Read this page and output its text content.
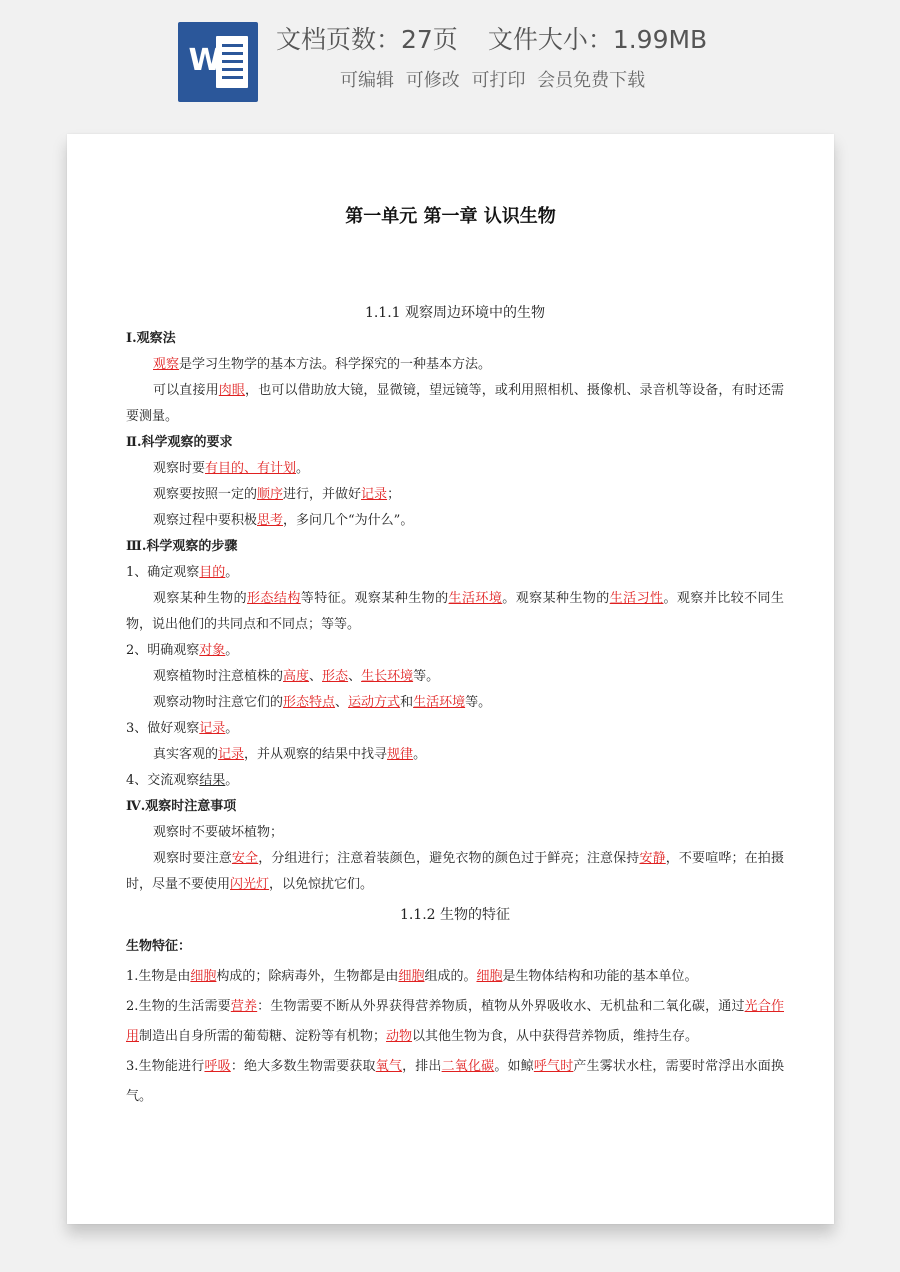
W
文档页数：27页 文件大小：1.99MB
可编辑 可修改 可打印 会员免费下载
第一单元 第一章 认识生物
1.1.1 观察周边环境中的生物
Ⅰ.观察法
观察是学习生物学的基本方法。科学探究的一种基本方法。
可以直接用肉眼，也可以借助放大镜，显微镜，望远镜等，或利用照相机、摄像机、录音机等设备，有时还需要测量。
Ⅱ.科学观察的要求
观察时要有目的、有计划。
观察要按照一定的顺序进行，并做好记录；
观察过程中要积极思考，多问几个“为什么”。
Ⅲ.科学观察的步骤
1、确定观察目的。
观察某种生物的形态结构等特征。观察某种生物的生活环境。观察某种生物的生活习性。观察并比较不同生物，说出他们的共同点和不同点；等等。
2、明确观察对象。
观察植物时注意植株的高度、形态、生长环境等。
观察动物时注意它们的形态特点、运动方式和生活环境等。
3、做好观察记录。
真实客观的记录，并从观察的结果中找寻规律。
4、交流观察结果。
Ⅳ.观察时注意事项
观察时不要破坏植物；
观察时要注意安全，分组进行；注意着装颜色，避免衣物的颜色过于鲜亮；注意保持安静，不要喧哗；在拍摄时，尽量不要使用闪光灯，以免惊扰它们。
1.1.2 生物的特征
生物特征：
1.生物是由细胞构成的；除病毒外，生物都是由细胞组成的。细胞是生物体结构和功能的基本单位。
2.生物的生活需要营养：生物需要不断从外界获得营养物质，植物从外界吸收水、无机盐和二氧化碳，通过光合作用制造出自身所需的葡萄糖、淀粉等有机物；动物以其他生物为食，从中获得营养物质，维持生存。
3.生物能进行呼吸：绝大多数生物需要获取氧气，排出二氧化碳。如鲸呼气时产生雾状水柱，需要时常浮出水面换气。
